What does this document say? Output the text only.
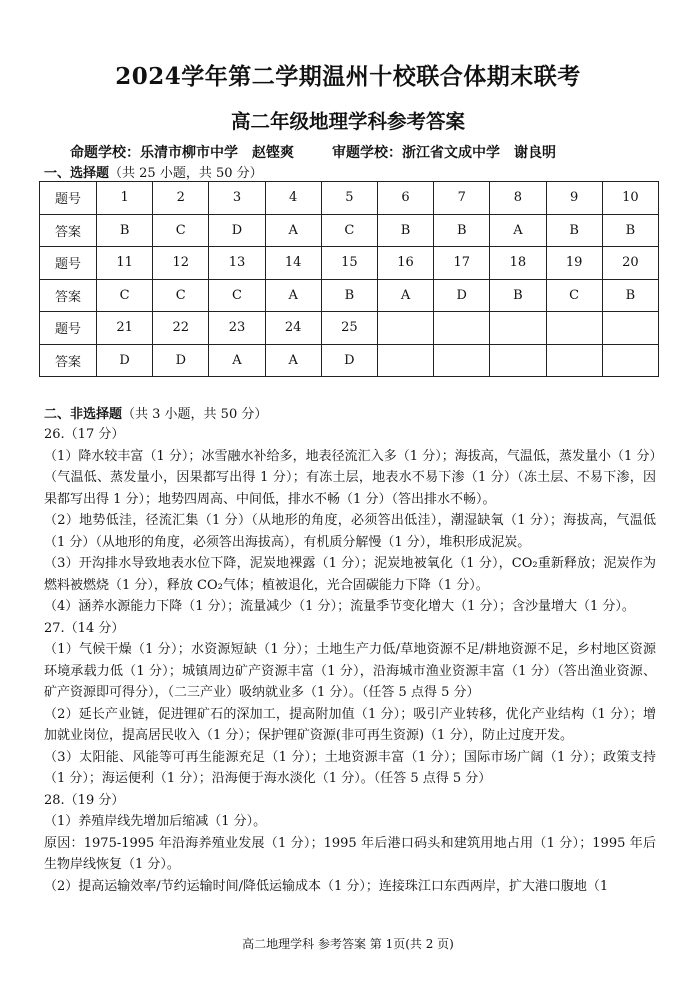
2024学年第二学期温州十校联合体期末联考
高二年级地理学科参考答案
命题学校：乐清市柳市中学 赵铿爽	审题学校：浙江省文成中学 谢良明
一、选择题（共 25 小题，共 50 分）
题号	1	2	3	4	5	6	7	8	9	10
答案	B	C	D	A	C	B	B	A	B	B
题号	11	12	13	14	15	16	17	18	19	20
答案	C	C	C	A	B	A	D	B	C	B
题号	21	22	23	24	25					
答案	D	D	A	A	D					
二、非选择题（共 3 小题，共 50 分）

26.（17 分）

（1）降水较丰富（1 分）；冰雪融水补给多，地表径流汇入多（1 分）；海拔高，气温低，蒸发量小（1 分）（气温低、蒸发量小，因果都写出得 1 分）；有冻土层，地表水不易下渗（1 分）（冻土层、不易下渗，因果都写出得 1 分）；地势四周高、中间低，排水不畅（1 分）（答出排水不畅）。

（2）地势低洼，径流汇集（1 分）（从地形的角度，必须答出低洼），潮湿缺氧（1 分）；海拔高，气温低（1 分）（从地形的角度，必须答出海拔高），有机质分解慢（1 分），堆积形成泥炭。

（3）开沟排水导致地表水位下降，泥炭地裸露（1 分）；泥炭地被氧化（1 分），CO₂重新释放；泥炭作为燃料被燃烧（1 分），释放 CO₂气体；植被退化，光合固碳能力下降（1 分）。

（4）涵养水源能力下降（1 分）；流量减少（1 分）；流量季节变化增大（1 分）；含沙量增大（1 分）。

27.（14 分）

（1）气候干燥（1 分）；水资源短缺（1 分）；土地生产力低/草地资源不足/耕地资源不足，乡村地区资源环境承载力低（1 分）；城镇周边矿产资源丰富（1 分），沿海城市渔业资源丰富（1 分）（答出渔业资源、矿产资源即可得分），（二三产业）吸纳就业多（1 分）。（任答 5 点得 5 分）

（2）延长产业链，促进锂矿石的深加工，提高附加值（1 分）；吸引产业转移，优化产业结构（1 分）；增加就业岗位，提高居民收入（1 分）；保护锂矿资源(非可再生资源)（1 分），防止过度开发。

（3）太阳能、风能等可再生能源充足（1 分）；土地资源丰富（1 分）；国际市场广阔（1 分）；政策支持（1 分）；海运便利（1 分）；沿海便于海水淡化（1 分）。（任答 5 点得 5 分）

28.（19 分）

（1）养殖岸线先增加后缩减（1 分）。

原因：1975-1995 年沿海养殖业发展（1 分）；1995 年后港口码头和建筑用地占用（1 分）；1995 年后生物岸线恢复（1 分）。

（2）提高运输效率/节约运输时间/降低运输成本（1 分）；连接珠江口东西两岸，扩大港口腹地（1

高二地理学科 参考答案 第 1页(共 2 页)
